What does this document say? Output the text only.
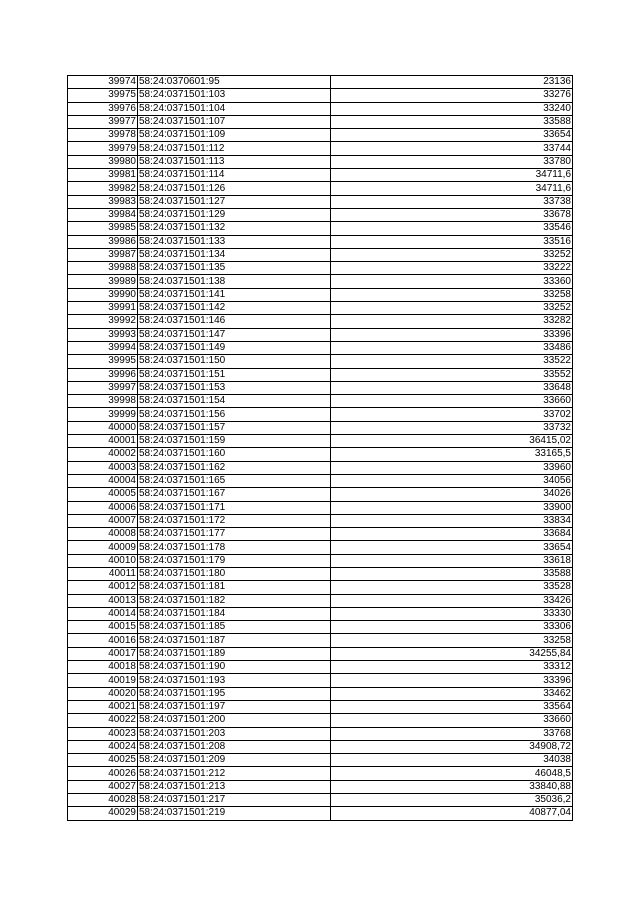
39974	58:24:0370601:95	23136
39975	58:24:0371501:103	33276
39976	58:24:0371501:104	33240
39977	58:24:0371501:107	33588
39978	58:24:0371501:109	33654
39979	58:24:0371501:112	33744
39980	58:24:0371501:113	33780
39981	58:24:0371501:114	34711,6
39982	58:24:0371501:126	34711,6
39983	58:24:0371501:127	33738
39984	58:24:0371501:129	33678
39985	58:24:0371501:132	33546
39986	58:24:0371501:133	33516
39987	58:24:0371501:134	33252
39988	58:24:0371501:135	33222
39989	58:24:0371501:138	33360
39990	58:24:0371501:141	33258
39991	58:24:0371501:142	33252
39992	58:24:0371501:146	33282
39993	58:24:0371501:147	33396
39994	58:24:0371501:149	33486
39995	58:24:0371501:150	33522
39996	58:24:0371501:151	33552
39997	58:24:0371501:153	33648
39998	58:24:0371501:154	33660
39999	58:24:0371501:156	33702
40000	58:24:0371501:157	33732
40001	58:24:0371501:159	36415,02
40002	58:24:0371501:160	33165,5
40003	58:24:0371501:162	33960
40004	58:24:0371501:165	34056
40005	58:24:0371501:167	34026
40006	58:24:0371501:171	33900
40007	58:24:0371501:172	33834
40008	58:24:0371501:177	33684
40009	58:24:0371501:178	33654
40010	58:24:0371501:179	33618
40011	58:24:0371501:180	33588
40012	58:24:0371501:181	33528
40013	58:24:0371501:182	33426
40014	58:24:0371501:184	33330
40015	58:24:0371501:185	33306
40016	58:24:0371501:187	33258
40017	58:24:0371501:189	34255,84
40018	58:24:0371501:190	33312
40019	58:24:0371501:193	33396
40020	58:24:0371501:195	33462
40021	58:24:0371501:197	33564
40022	58:24:0371501:200	33660
40023	58:24:0371501:203	33768
40024	58:24:0371501:208	34908,72
40025	58:24:0371501:209	34038
40026	58:24:0371501:212	46048,5
40027	58:24:0371501:213	33840,88
40028	58:24:0371501:217	35036,2
40029	58:24:0371501:219	40877,04
